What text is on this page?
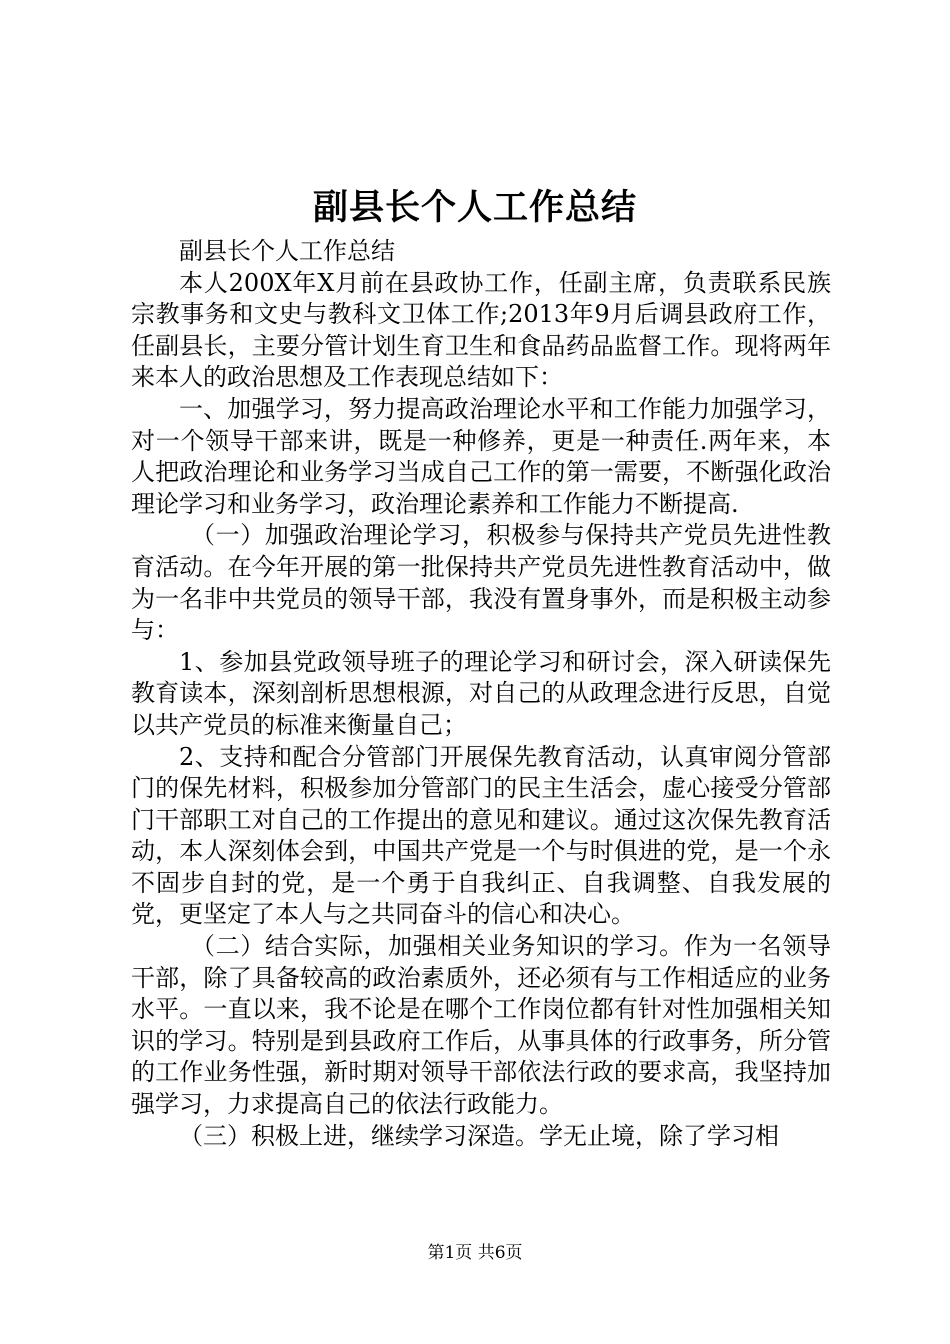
副县长个人工作总结

副县长个人工作总结

本人200X年X月前在县政协工作，任副主席，负责联系民族宗教事务和文史与教科文卫体工作;2013年9月后调县政府工作，任副县长，主要分管计划生育卫生和食品药品监督工作。现将两年来本人的政治思想及工作表现总结如下：

一、加强学习，努力提高政治理论水平和工作能力加强学习，对一个领导干部来讲，既是一种修养，更是一种责任.两年来，本人把政治理论和业务学习当成自己工作的第一需要，不断强化政治理论学习和业务学习，政治理论素养和工作能力不断提高.

（一）加强政治理论学习，积极参与保持共产党员先进性教育活动。在今年开展的第一批保持共产党员先进性教育活动中，做为一名非中共党员的领导干部，我没有置身事外，而是积极主动参与：

1、参加县党政领导班子的理论学习和研讨会，深入研读保先教育读本，深刻剖析思想根源，对自己的从政理念进行反思，自觉以共产党员的标准来衡量自己；

2、支持和配合分管部门开展保先教育活动，认真审阅分管部门的保先材料，积极参加分管部门的民主生活会，虚心接受分管部门干部职工对自己的工作提出的意见和建议。通过这次保先教育活动，本人深刻体会到，中国共产党是一个与时俱进的党，是一个永不固步自封的党，是一个勇于自我纠正、自我调整、自我发展的党，更坚定了本人与之共同奋斗的信心和决心。

（二）结合实际，加强相关业务知识的学习。作为一名领导干部，除了具备较高的政治素质外，还必须有与工作相适应的业务水平。一直以来，我不论是在哪个工作岗位都有针对性加强相关知识的学习。特别是到县政府工作后，从事具体的行政事务，所分管的工作业务性强，新时期对领导干部依法行政的要求高，我坚持加强学习，力求提高自己的依法行政能力。

（三）积极上进，继续学习深造。学无止境，除了学习相

第1页 共6页
